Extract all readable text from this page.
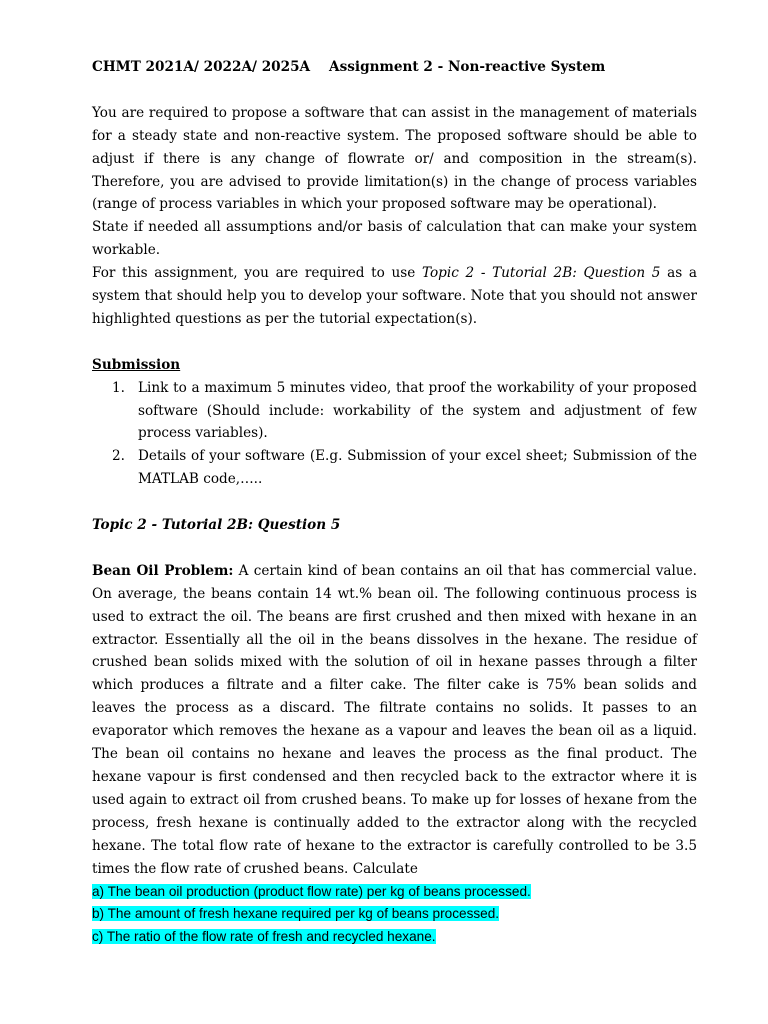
CHMT 2021A/ 2022A/ 2025A Assignment 2 - Non-reactive System

You are required to propose a software that can assist in the management of materials for a steady state and non-reactive system. The proposed software should be able to adjust if there is any change of flowrate or/ and composition in the stream(s). Therefore, you are advised to provide limitation(s) in the change of process variables (range of process variables in which your proposed software may be operational).

State if needed all assumptions and/or basis of calculation that can make your system workable.

For this assignment, you are required to use Topic 2 - Tutorial 2B: Question 5 as a system that should help you to develop your software. Note that you should not answer highlighted questions as per the tutorial expectation(s).

Submission

1. Link to a maximum 5 minutes video, that proof the workability of your proposed software (Should include: workability of the system and adjustment of few process variables).
2. Details of your software (E.g. Submission of your excel sheet; Submission of the MATLAB code,…..

Topic 2 - Tutorial 2B: Question 5

Bean Oil Problem: A certain kind of bean contains an oil that has commercial value. On average, the beans contain 14 wt.% bean oil. The following continuous process is used to extract the oil. The beans are first crushed and then mixed with hexane in an extractor. Essentially all the oil in the beans dissolves in the hexane. The residue of crushed bean solids mixed with the solution of oil in hexane passes through a filter which produces a filtrate and a filter cake. The filter cake is 75% bean solids and leaves the process as a discard. The filtrate contains no solids. It passes to an evaporator which removes the hexane as a vapour and leaves the bean oil as a liquid. The bean oil contains no hexane and leaves the process as the final product. The hexane vapour is first condensed and then recycled back to the extractor where it is used again to extract oil from crushed beans. To make up for losses of hexane from the process, fresh hexane is continually added to the extractor along with the recycled hexane. The total flow rate of hexane to the extractor is carefully controlled to be 3.5 times the flow rate of crushed beans. Calculate

a) The bean oil production (product flow rate) per kg of beans processed.

b) The amount of fresh hexane required per kg of beans processed.

c) The ratio of the flow rate of fresh and recycled hexane.
